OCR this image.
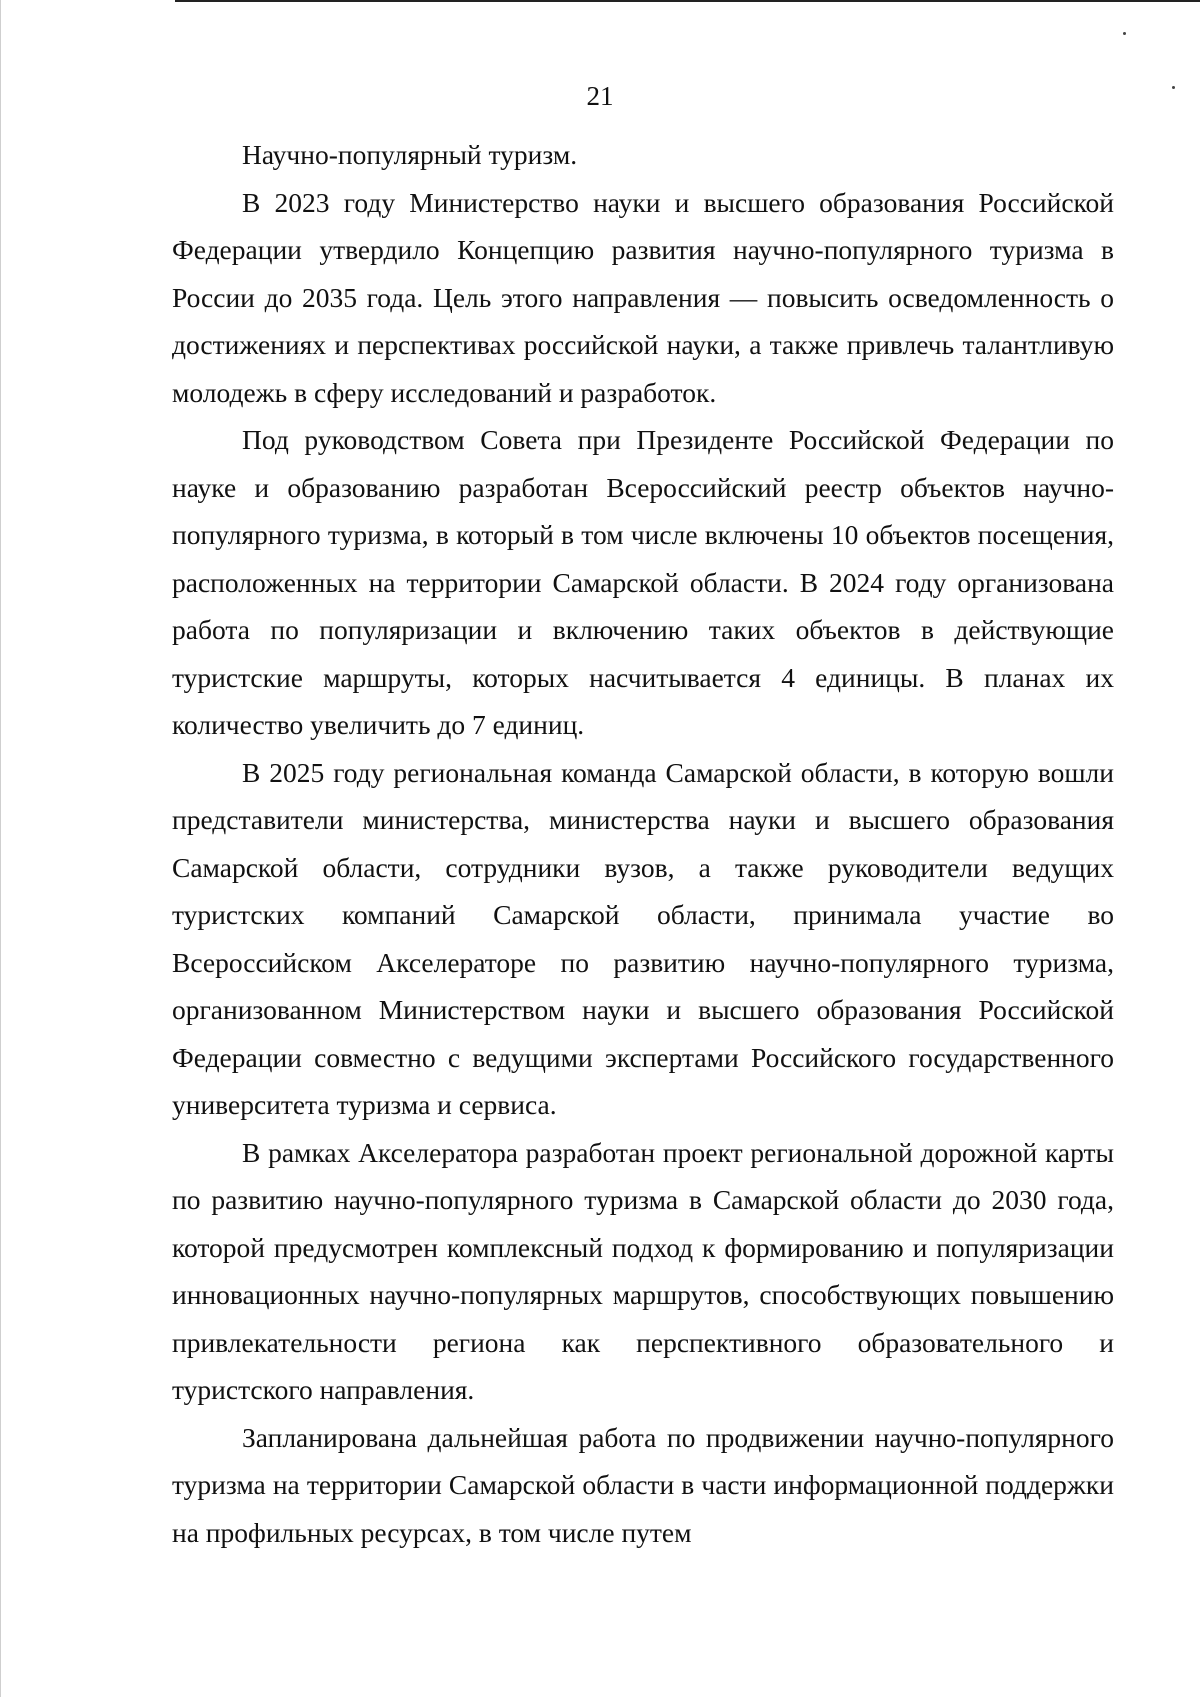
21

Научно-популярный туризм.

В 2023 году Министерство науки и высшего образования Российской Федерации утвердило Концепцию развития научно-популярного туризма в России до 2035 года. Цель этого направления — повысить осведомленность о достижениях и перспективах российской науки, а также привлечь талантливую молодежь в сферу исследований и разработок.

Под руководством Совета при Президенте Российской Федерации по науке и образованию разработан Всероссийский реестр объектов научно-популярного туризма, в который в том числе включены 10 объектов посещения, расположенных на территории Самарской области. В 2024 году организована работа по популяризации и включению таких объектов в действующие туристские маршруты, которых насчитывается 4 единицы. В планах их количество увеличить до 7 единиц.

В 2025 году региональная команда Самарской области, в которую вошли представители министерства, министерства науки и высшего образования Самарской области, сотрудники вузов, а также руководители ведущих туристских компаний Самарской области, принимала участие во Всероссийском Акселераторе по развитию научно-популярного туризма, организованном Министерством науки и высшего образования Российской Федерации совместно с ведущими экспертами Российского государственного университета туризма и сервиса.

В рамках Акселератора разработан проект региональной дорожной карты по развитию научно-популярного туризма в Самарской области до 2030 года, которой предусмотрен комплексный подход к формированию и популяризации инновационных научно-популярных маршрутов, способствующих повышению привлекательности региона как перспективного образовательного и туристского направления.

Запланирована дальнейшая работа по продвижении научно-популярного туризма на территории Самарской области в части информационной поддержки на профильных ресурсах, в том числе путем
